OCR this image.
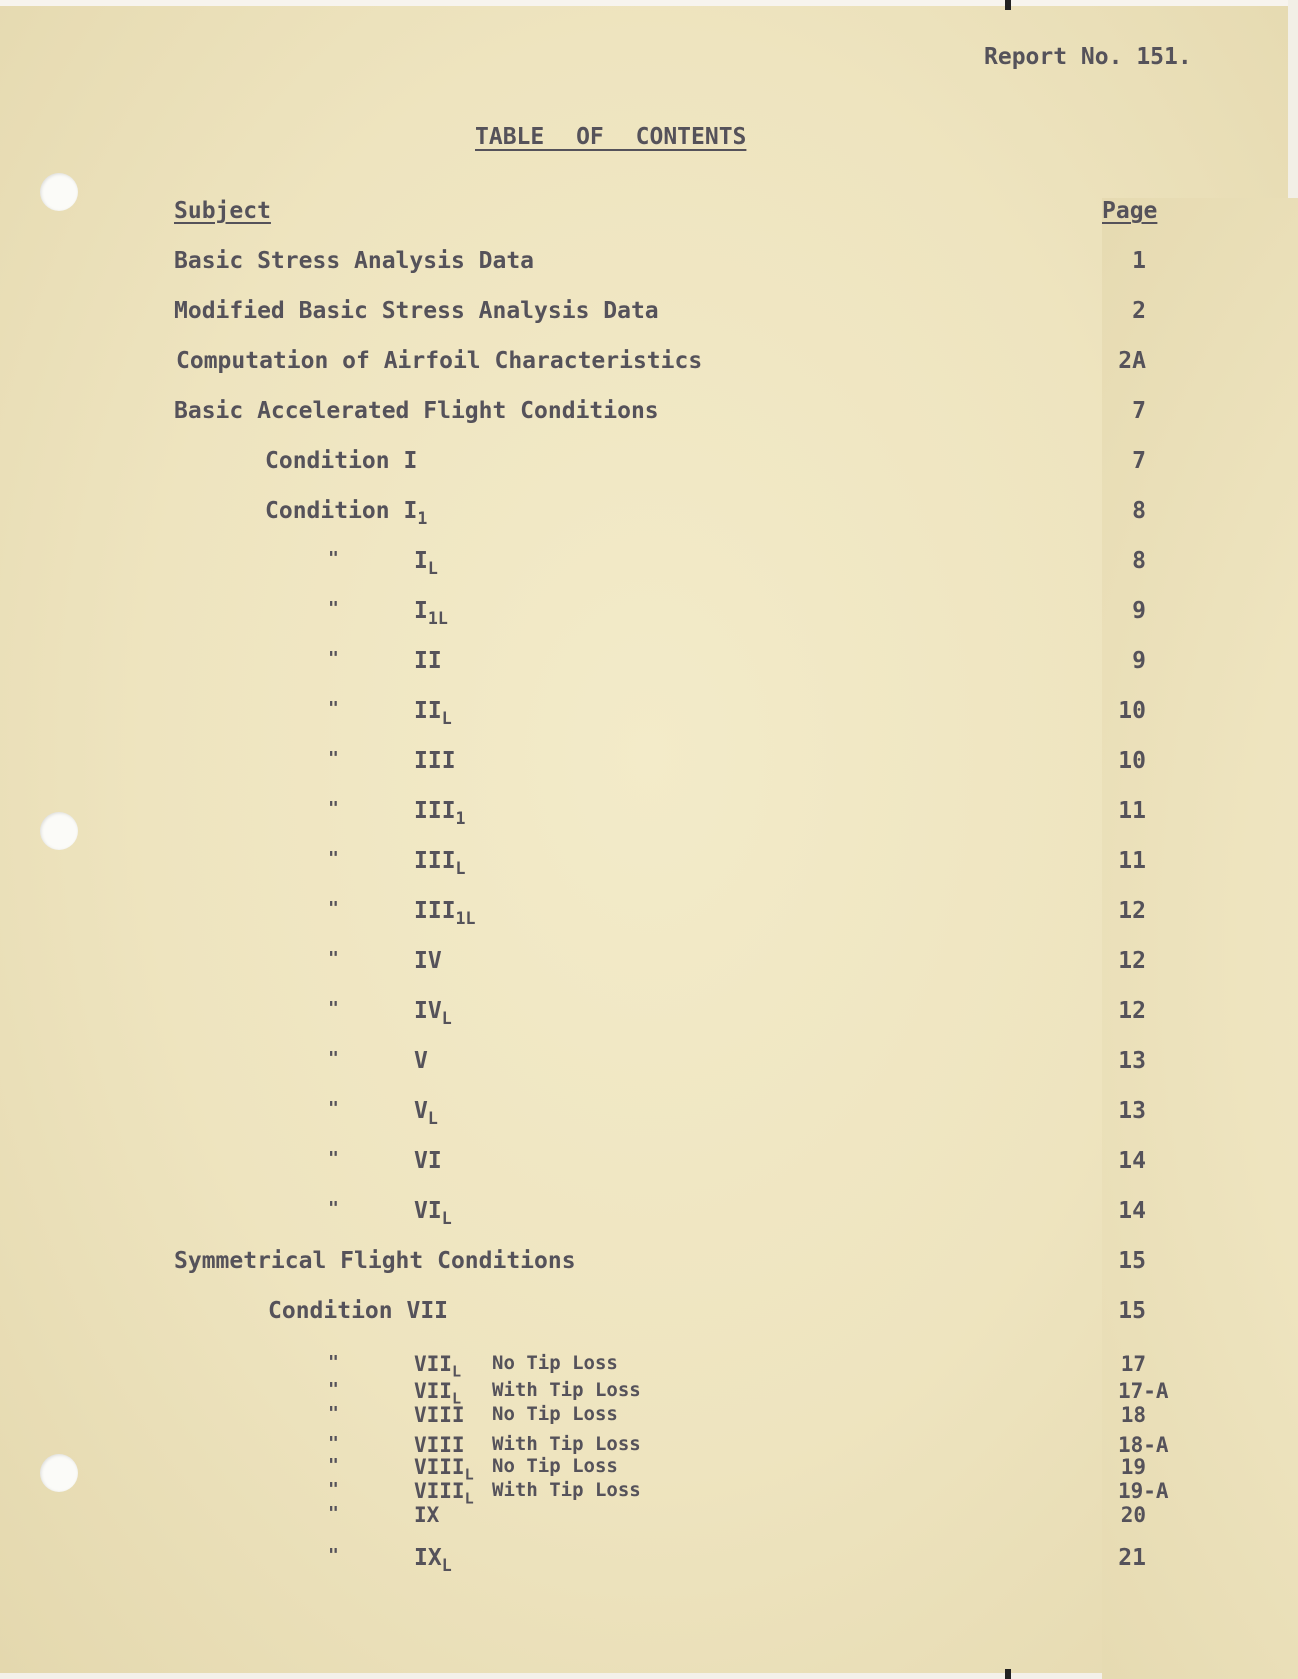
Report No. 151.
TABLE OF CONTENTS
Subject	Page
Basic Stress Analysis Data	1
Modified Basic Stress Analysis Data	2
Computation of Airfoil Characteristics	2A
Basic Accelerated Flight Conditions	7
Condition I	7
Condition $I_1$	8
"	$I_L$	8
"	$I_{1L}$	9
"	II	9
"	$II_L$	10
"	III	10
"	$III_1$	11
"	$III_L$	11
"	$III_{1L}$	12
"	IV	12
"	$IV_L$	12
"	V	13
"	$V_L$	13
"	VI	14
"	$VI_L$	14
Symmetrical Flight Conditions	15
Condition VII	15
"	$VII_L$ No Tip Loss	17
"	$VII_L$ With Tip Loss	17-A
"	VIII No Tip Loss	18
"	VIII With Tip Loss	18-A
"	$VIII_L$ No Tip Loss	19
"	$VIII_L$ With Tip Loss	19-A
"	IX	20
"	$IX_L$	21
